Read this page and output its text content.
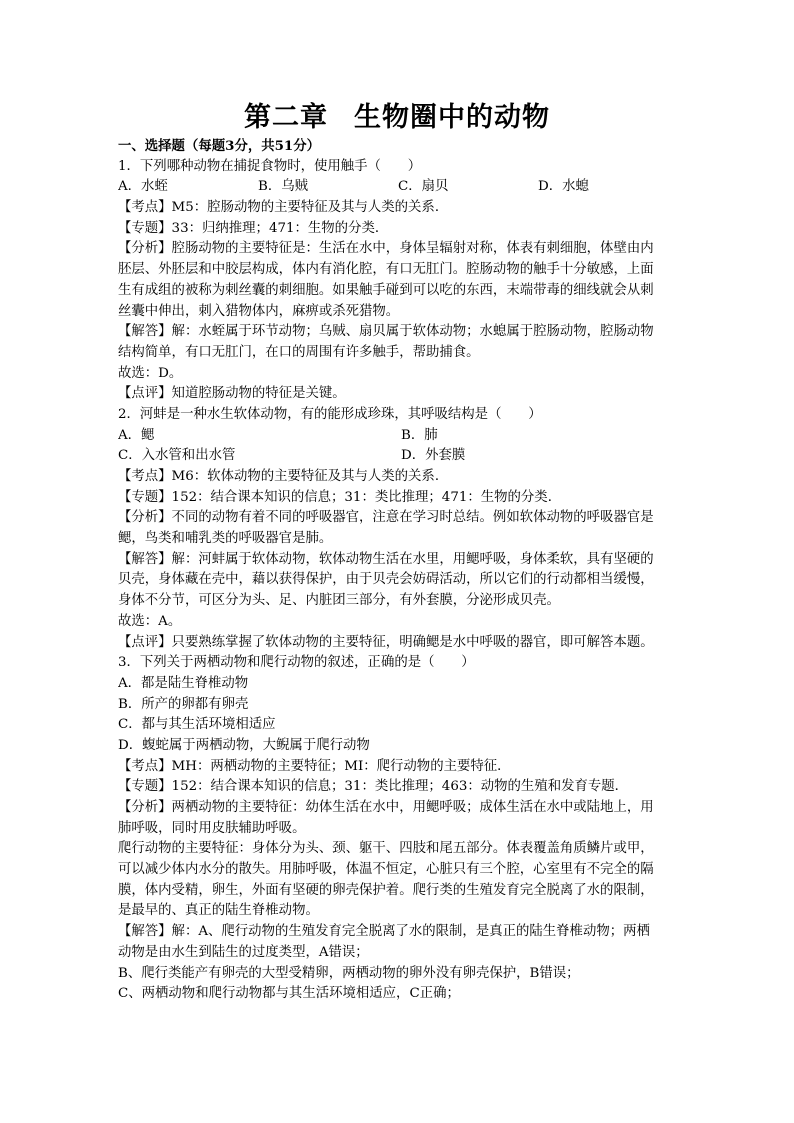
第二章 生物圈中的动物
一、选择题（每题3分，共51分）
1．下列哪种动物在捕捉食物时，使用触手（　　）
A．水蛭	B．乌贼	C．扇贝	D．水螅
【考点】M5：腔肠动物的主要特征及其与人类的关系．
【专题】33：归纳推理；471：生物的分类．
【分析】腔肠动物的主要特征是：生活在水中，身体呈辐射对称，体表有刺细胞，体壁由内
胚层、外胚层和中胶层构成，体内有消化腔，有口无肛门。腔肠动物的触手十分敏感，上面
生有成组的被称为刺丝囊的刺细胞。如果触手碰到可以吃的东西，末端带毒的细线就会从刺
丝囊中伸出，刺入猎物体内，麻痹或杀死猎物。
【解答】解：水蛭属于环节动物；乌贼、扇贝属于软体动物；水螅属于腔肠动物，腔肠动物
结构简单，有口无肛门，在口的周围有许多触手，帮助捕食。
故选：D。
【点评】知道腔肠动物的特征是关键。
2．河蚌是一种水生软体动物，有的能形成珍珠，其呼吸结构是（　　）
A．鳃	B．肺
C．入水管和出水管	D．外套膜
【考点】M6：软体动物的主要特征及其与人类的关系．
【专题】152：结合课本知识的信息；31：类比推理；471：生物的分类．
【分析】不同的动物有着不同的呼吸器官，注意在学习时总结。例如软体动物的呼吸器官是
鳃，鸟类和哺乳类的呼吸器官是肺。
【解答】解：河蚌属于软体动物，软体动物生活在水里，用鳃呼吸，身体柔软，具有坚硬的
贝壳，身体藏在壳中，藉以获得保护，由于贝壳会妨碍活动，所以它们的行动都相当缓慢，
身体不分节，可区分为头、足、内脏团三部分，有外套膜，分泌形成贝壳。
故选：A。
【点评】只要熟练掌握了软体动物的主要特征，明确鳃是水中呼吸的器官，即可解答本题。
3．下列关于两栖动物和爬行动物的叙述，正确的是（　　）
A．都是陆生脊椎动物
B．所产的卵都有卵壳
C．都与其生活环境相适应
D．蝮蛇属于两栖动物，大鲵属于爬行动物
【考点】MH：两栖动物的主要特征；MI：爬行动物的主要特征．
【专题】152：结合课本知识的信息；31：类比推理；463：动物的生殖和发育专题．
【分析】两栖动物的主要特征：幼体生活在水中，用鳃呼吸；成体生活在水中或陆地上，用
肺呼吸，同时用皮肤辅助呼吸。
爬行动物的主要特征：身体分为头、颈、躯干、四肢和尾五部分。体表覆盖角质鳞片或甲，
可以减少体内水分的散失。用肺呼吸，体温不恒定，心脏只有三个腔，心室里有不完全的隔
膜，体内受精，卵生，外面有坚硬的卵壳保护着。爬行类的生殖发育完全脱离了水的限制，
是最早的、真正的陆生脊椎动物。
【解答】解：A、爬行动物的生殖发育完全脱离了水的限制，是真正的陆生脊椎动物；两栖
动物是由水生到陆生的过度类型，A错误；
B、爬行类能产有卵壳的大型受精卵，两栖动物的卵外没有卵壳保护，B错误；
C、两栖动物和爬行动物都与其生活环境相适应，C正确；
